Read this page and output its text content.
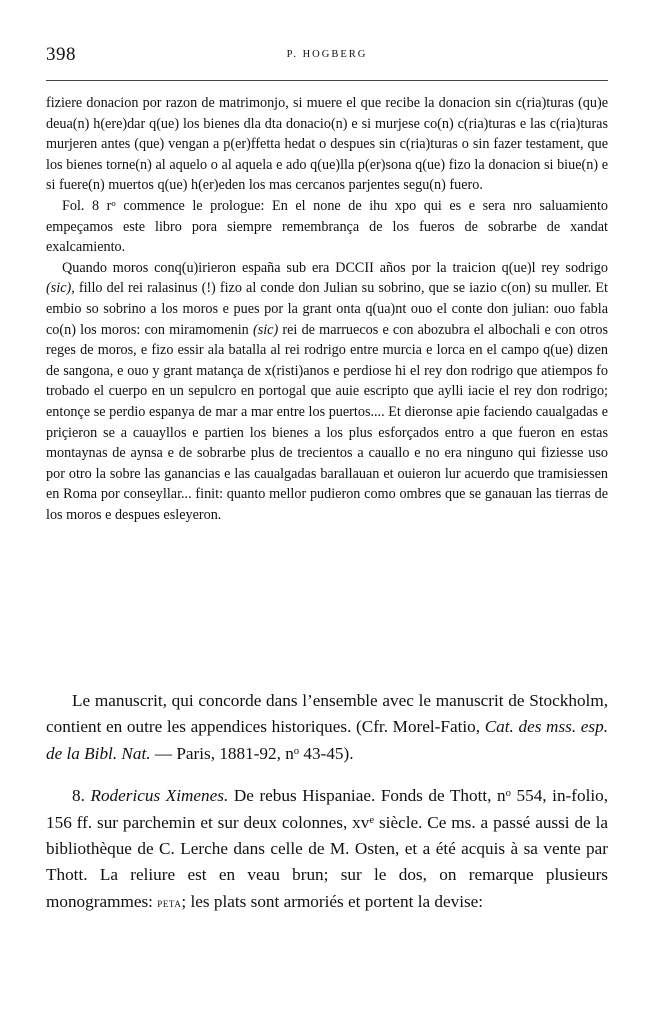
398	P. HOGBERG

fiziere donacion por razon de matrimonjo, si muere el que recibe la donacion sin c(ria)turas (qu)e deua(n) h(ere)dar q(ue) los bienes dla dta donacio(n) e si murjese co(n) c(ria)turas e las c(ria)turas murjeren antes (que) vengan a p(er)ffetta hedat o despues sin c(ria)turas o sin fazer testament, que los bienes torne(n) al aquelo o al aquela e ado q(ue)lla p(er)sona q(ue) fizo la donacion si biue(n) e si fuere(n) muertos q(ue) h(er)eden los mas cercanos parjentes segu(n) fuero.

Fol. 8 $r^o$ commence le prologue: En el none de ihu xpo qui es e sera nro saluamiento empeçamos este libro pora siempre remembrança de los fueros de sobrarbe de xandat exalcamiento.

Quando moros conq(u)irieron españa sub era DCCII años por la traicion q(ue)l rey sodrigo (sic), fillo del rei ralasinus (!) fizo al conde don Julian su sobrino, que se iazio c(on) su muller. Et embio so sobrino a los moros e pues por la grant onta q(ua)nt ouo el conte don julian: ouo fabla co(n) los moros: con miramomenin (sic) rei de marruecos e con abozubra el albochali e con otros reges de moros, e fizo essir ala batalla al rei rodrigo entre murcia e lorca en el campo q(ue) dizen de sangona, e ouo y grant matança de x(risti)anos e perdiose hi el rey don rodrigo que atiempos fo trobado el cuerpo en un sepulcro en portogal que auie escripto que aylli iacie el rey don rodrigo; entonçe se perdio espanya de mar a mar entre los puertos.... Et dieronse apie faciendo caualgadas e priçieron se a cauayllos e partien los bienes a los plus esforçados entro a que fueron en estas montaynas de aynsa e de sobrarbe plus de trecientos a cauallo e no era ninguno qui fiziesse uso por otro la sobre las ganancias e las caualgadas barallauan et ouieron lur acuerdo que tramisiessen en Roma por conseyllar... finit: quanto mellor pudieron como ombres que se ganauan las tierras de los moros e despues esleyeron.

Le manuscrit, qui concorde dans l’ensemble avec le manuscrit de Stockholm, contient en outre les appendices historiques. (Cfr. Morel-Fatio, Cat. des mss. esp. de la Bibl. Nat. — Paris, 1881-92, $n^o$ 43-45).

8. Rodericus Ximenes. De rebus Hispaniae. Fonds de Thott, $n^o$ 554, in-folio, 156 ff. sur parchemin et sur deux colonnes, $xv^e$ siècle. Ce ms. a passé aussi de la bibliothèque de C. Lerche dans celle de M. Osten, et a été acquis à sa vente par Thott. La reliure est en veau brun; sur le dos, on remarque plusieurs monogrammes: peta; les plats sont armoriés et portent la devise:
